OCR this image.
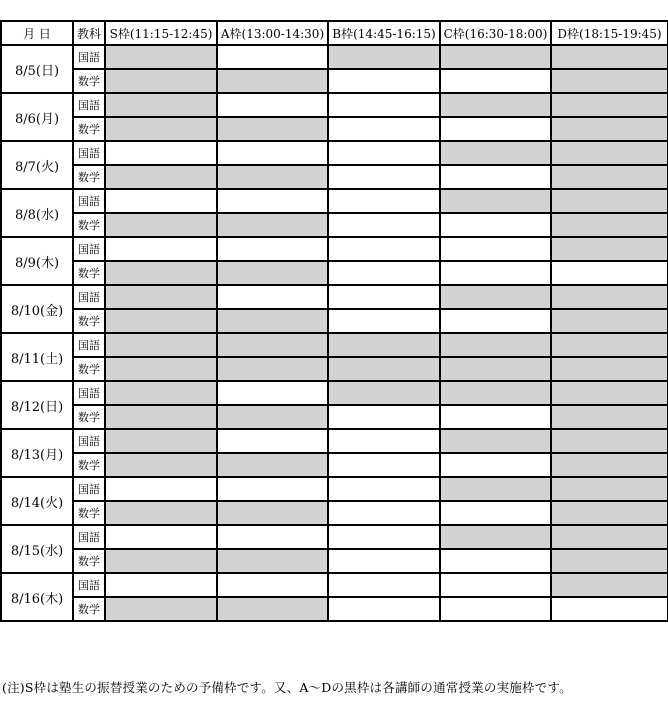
月 日	教科	S枠(11:15-12:45)	A枠(13:00-14:30)	B枠(14:45-16:15)	C枠(16:30-18:00)	D枠(18:15-19:45)
8/5(日)	国語					
	数学					
8/6(月)	国語					
	数学					
8/7(火)	国語					
	数学					
8/8(水)	国語					
	数学					
8/9(木)	国語					
	数学					
8/10(金)	国語					
	数学					
8/11(土)	国語					
	数学					
8/12(日)	国語					
	数学					
8/13(月)	国語					
	数学					
8/14(火)	国語					
	数学					
8/15(水)	国語					
	数学					
8/16(木)	国語					
	数学					
(注)S枠は塾生の振替授業のための予備枠です。又、A～Dの黒枠は各講師の通常授業の実施枠です。
